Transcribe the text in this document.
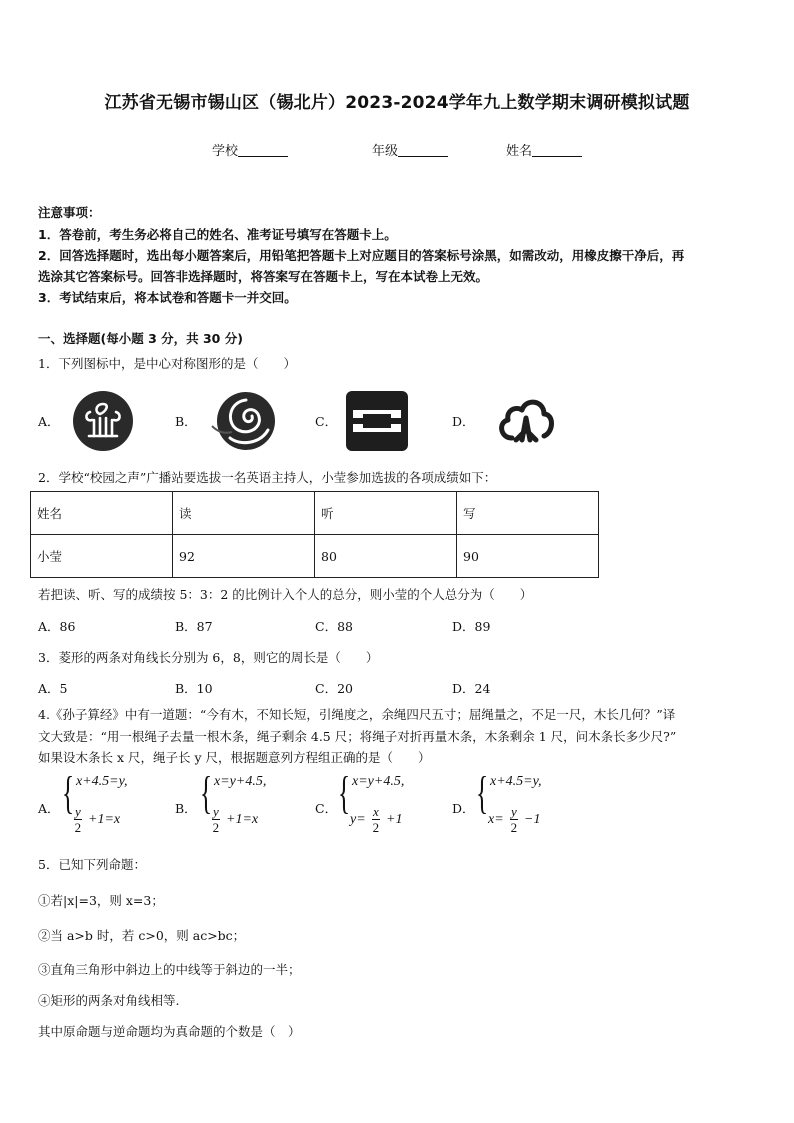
江苏省无锡市锡山区（锡北片）2023-2024学年九上数学期末调研模拟试题
学校	年级	姓名
注意事项：
1．答卷前，考生务必将自己的姓名、准考证号填写在答题卡上。
2．回答选择题时，选出每小题答案后，用铅笔把答题卡上对应题目的答案标号涂黑，如需改动，用橡皮擦干净后，再
选涂其它答案标号。回答非选择题时，将答案写在答题卡上，写在本试卷上无效。
3．考试结束后，将本试卷和答题卡一并交回。
一、选择题(每小题 3 分，共 30 分)
1．下列图标中，是中心对称图形的是（　　）
A．	B．	C．	D．
2．学校“校园之声”广播站要选拔一名英语主持人，小莹参加选拔的各项成绩如下：
姓名	读	听	写
小莹	92	80	90
若把读、听、写的成绩按 5：3：2 的比例计入个人的总分，则小莹的个人总分为（　　）
A．86	B．87	C．88	D．89
3．菱形的两条对角线长分别为 6，8，则它的周长是（　　）
A．5	B．10	C．20	D．24
4.《孙子算经》中有一道题：“今有木，不知长短，引绳度之，余绳四尺五寸；屈绳量之，不足一尺，木长几何？”译
文大致是：“用一根绳子去量一根木条，绳子剩余 4.5 尺；将绳子对折再量木条，木条剩余 1 尺，问木条长多少尺?”
如果设木条长 x 尺，绳子长 y 尺，根据题意列方程组正确的是（　　）
A． { x+4.5=y,
$\frac{y}{2} +1=x$
B． { x=y+4.5,
$\frac{y}{2} +1=x$
C． { x=y+4.5,
$y= \frac{x}{2} +1$
D． { x+4.5=y,
$x= \frac{y}{2} -1$
5．已知下列命题：
①若|x|=3，则 x=3；
②当 a>b 时，若 c>0，则 ac>bc；
③直角三角形中斜边上的中线等于斜边的一半；
④矩形的两条对角线相等.
其中原命题与逆命题均为真命题的个数是（　）
